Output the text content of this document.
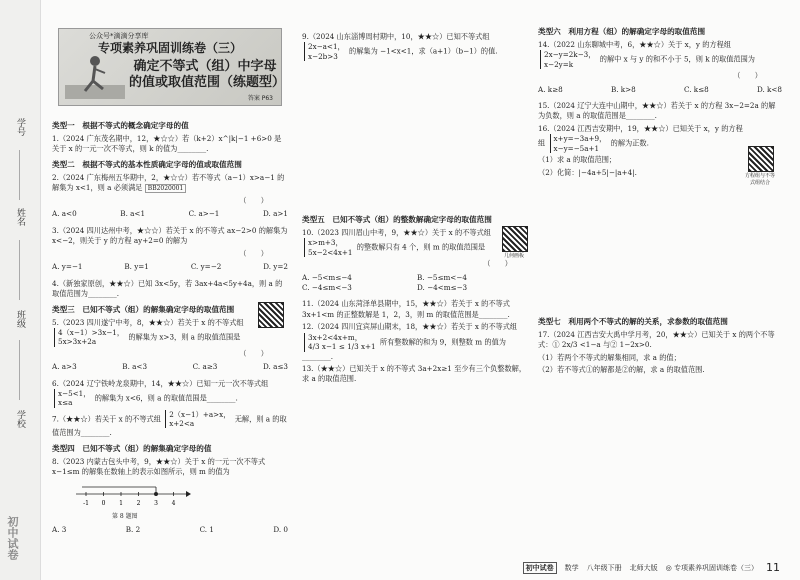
学号
姓名
班级
学校
初中试卷
公众号*滴滴分享库
专项素养巩固训练卷（三）
确定不等式（组）中字母的值或取值范围（练题型）
答案 P63
类型一　根据不等式的概念确定字母的值
1.（2024 广东茂名期中，12，★☆☆）若（k+2）x^|k|−1 +6>0 是关于 x 的一元一次不等式，则 k 的值为________.
类型二　根据不等式的基本性质确定字母的值或取值范围
2.（2024 广东梅州五华期中，2，★☆☆）若不等式（a−1）x>a−1 的解集为 x<1，则 a 必须满足 BB2020001
（　　）
A. a<0	B. a<1	C. a>−1	D. a>1
3.（2024 四川达州中考，★☆☆）若关于 x 的不等式 ax−2>0 的解集为 x<−2，则关于 y 的方程 ay+2=0 的解为
（　　）
A. y=−1	B. y=1	C. y=−2	D. y=2
4.（新独家原创，★★☆）已知 3x<5y，若 3ax+4a<5y+4a，则 a 的取值范围为________.
类型三　已知不等式（组）的解集确定字母的取值范围
5.（2023 四川遂宁中考，8，★★☆）若关于 x 的不等式组 4（x−1）>3x−1，
5x>3x+2a 的解集为 x>3，则 a 的取值范围是
（　　）
A. a>3	B. a<3	C. a≥3	D. a≤3
6.（2024 辽宁铁岭龙泉期中，14，★★☆）已知一元一次不等式组 x−5<1，
x≤a 的解集为 x<6，则 a 的取值范围是________.
7.（★★☆）若关于 x 的不等式组 2（x−1）+a>x，
x+2<a 无解，则 a 的取值范围为________.
类型四　已知不等式（组）的解集确定字母的值
8.（2023 内蒙古包头中考，9，★★☆）关于 x 的一元一次不等式 x−1≤m 的解集在数轴上的表示如图所示，则 m 的值为
-1 0 1 2 3 4
第 8 题图
A. 3	B. 2	C. 1	D. 0
9.（2024 山东淄博周村期中，10，★★☆）已知不等式组 2x−a<1，
x−2b>3 的解集为 −1<x<1，求（a+1）（b−1）的值.
类型五　已知不等式（组）的整数解确定字母的取值范围
10.（2023 四川眉山中考，9，★★☆）关于 x 的不等式组 x>m+3，
5x−2<4x+1 的整数解只有 4 个，则 m 的取值范围是
（　　）
A. −5<m≤−4	B. −5≤m<−4
C. −4≤m<−3	D. −4<m≤−3
11.（2024 山东菏泽单县期中，15，★★☆）若关于 x 的不等式 3x+1<m 的正整数解是 1，2，3，则 m 的取值范围是________.
12.（2024 四川宜宾屏山期末，18，★★☆）若关于 x 的不等式组 3x+2<4x+m，
4/3 x−1 ≤ 1/3 x+1 所有整数解的和为 9，则整数 m 的值为________.
13.（★★☆）已知关于 x 的不等式 3a+2x≥1 至少有三个负整数解，求 a 的取值范围.
几何画板
类型六　利用方程（组）的解确定字母的取值范围
14.（2022 山东聊城中考，6，★★☆）关于 x，y 的方程组 2x−y=2k−3，
x−2y=k 的解中 x 与 y 的和不小于 5，则 k 的取值范围为
（　　）
A. k≥8	B. k>8	C. k≤8	D. k<8
15.（2024 辽宁大连中山期中，★★☆）若关于 x 的方程 3x−2=2a 的解为负数，则 a 的取值范围是________.
16.（2024 江西吉安期中，19，★★☆）已知关于 x，y 的方程组 x+y=−3a+9，
x−y=−5a+1 的解为正数.
（1）求 a 的取值范围；
（2）化简：|−4a+5|−|a+4|.	方程组与不等式组结合
类型七　利用两个不等式的解的关系，求参数的取值范围
17.（2024 江西吉安大禹中学月考，20，★★☆）已知关于 x 的两个不等式：① 2x/3 <1−a 与② 1−2x>0.
（1）若两个不等式的解集相同，求 a 的值；
（2）若不等式①的解都是②的解，求 a 的取值范围.
初中试卷	数学 八年级下册 北师大版 ◎ 专项素养巩固训练卷（三） 11
